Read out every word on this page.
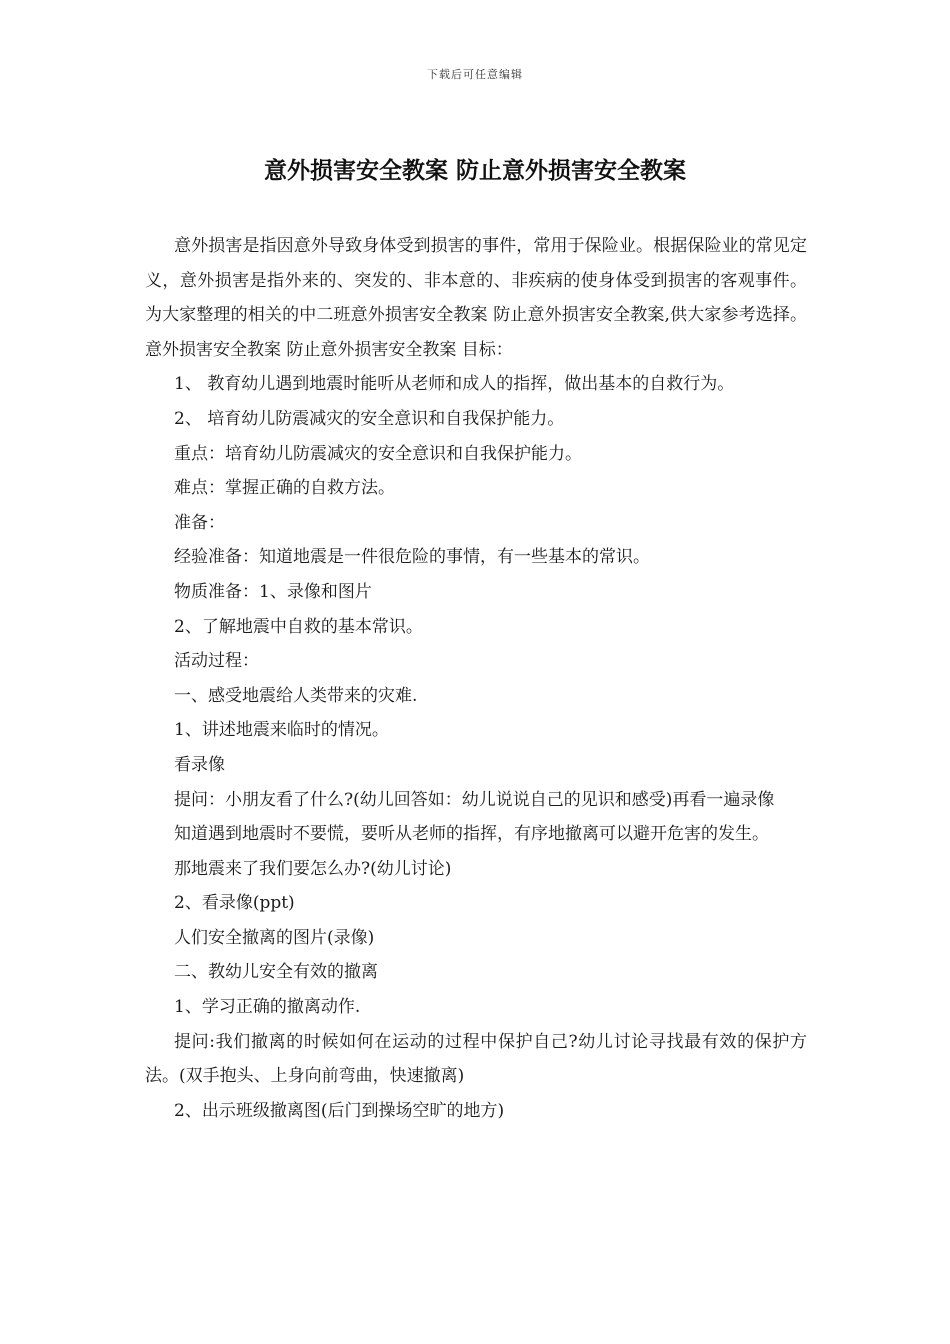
下载后可任意编辑
意外损害安全教案 防止意外损害安全教案

意外损害是指因意外导致身体受到损害的事件，常用于保险业。根据保险业的常见定义，意外损害是指外来的、突发的、非本意的、非疾病的使身体受到损害的客观事件。为大家整理的相关的中二班意外损害安全教案 防止意外损害安全教案,供大家参考选择。 意外损害安全教案 防止意外损害安全教案 目标：

1、 教育幼儿遇到地震时能听从老师和成人的指挥，做出基本的自救行为。

2、 培育幼儿防震减灾的安全意识和自我保护能力。

重点：培育幼儿防震减灾的安全意识和自我保护能力。

难点：掌握正确的自救方法。

准备：

经验准备：知道地震是一件很危险的事情，有一些基本的常识。

物质准备：1、录像和图片

2、了解地震中自救的基本常识。

活动过程：

一、感受地震给人类带来的灾难.

1、讲述地震来临时的情况。

看录像

提问：小朋友看了什么?(幼儿回答如：幼儿说说自己的见识和感受)再看一遍录像

知道遇到地震时不要慌，要听从老师的指挥，有序地撤离可以避开危害的发生。

那地震来了我们要怎么办?(幼儿讨论)

2、看录像(ppt)

人们安全撤离的图片(录像)

二、教幼儿安全有效的撤离

1、学习正确的撤离动作.

提问:我们撤离的时候如何在运动的过程中保护自己?幼儿讨论寻找最有效的保护方法。(双手抱头、上身向前弯曲，快速撤离)

2、出示班级撤离图(后门到操场空旷的地方)
